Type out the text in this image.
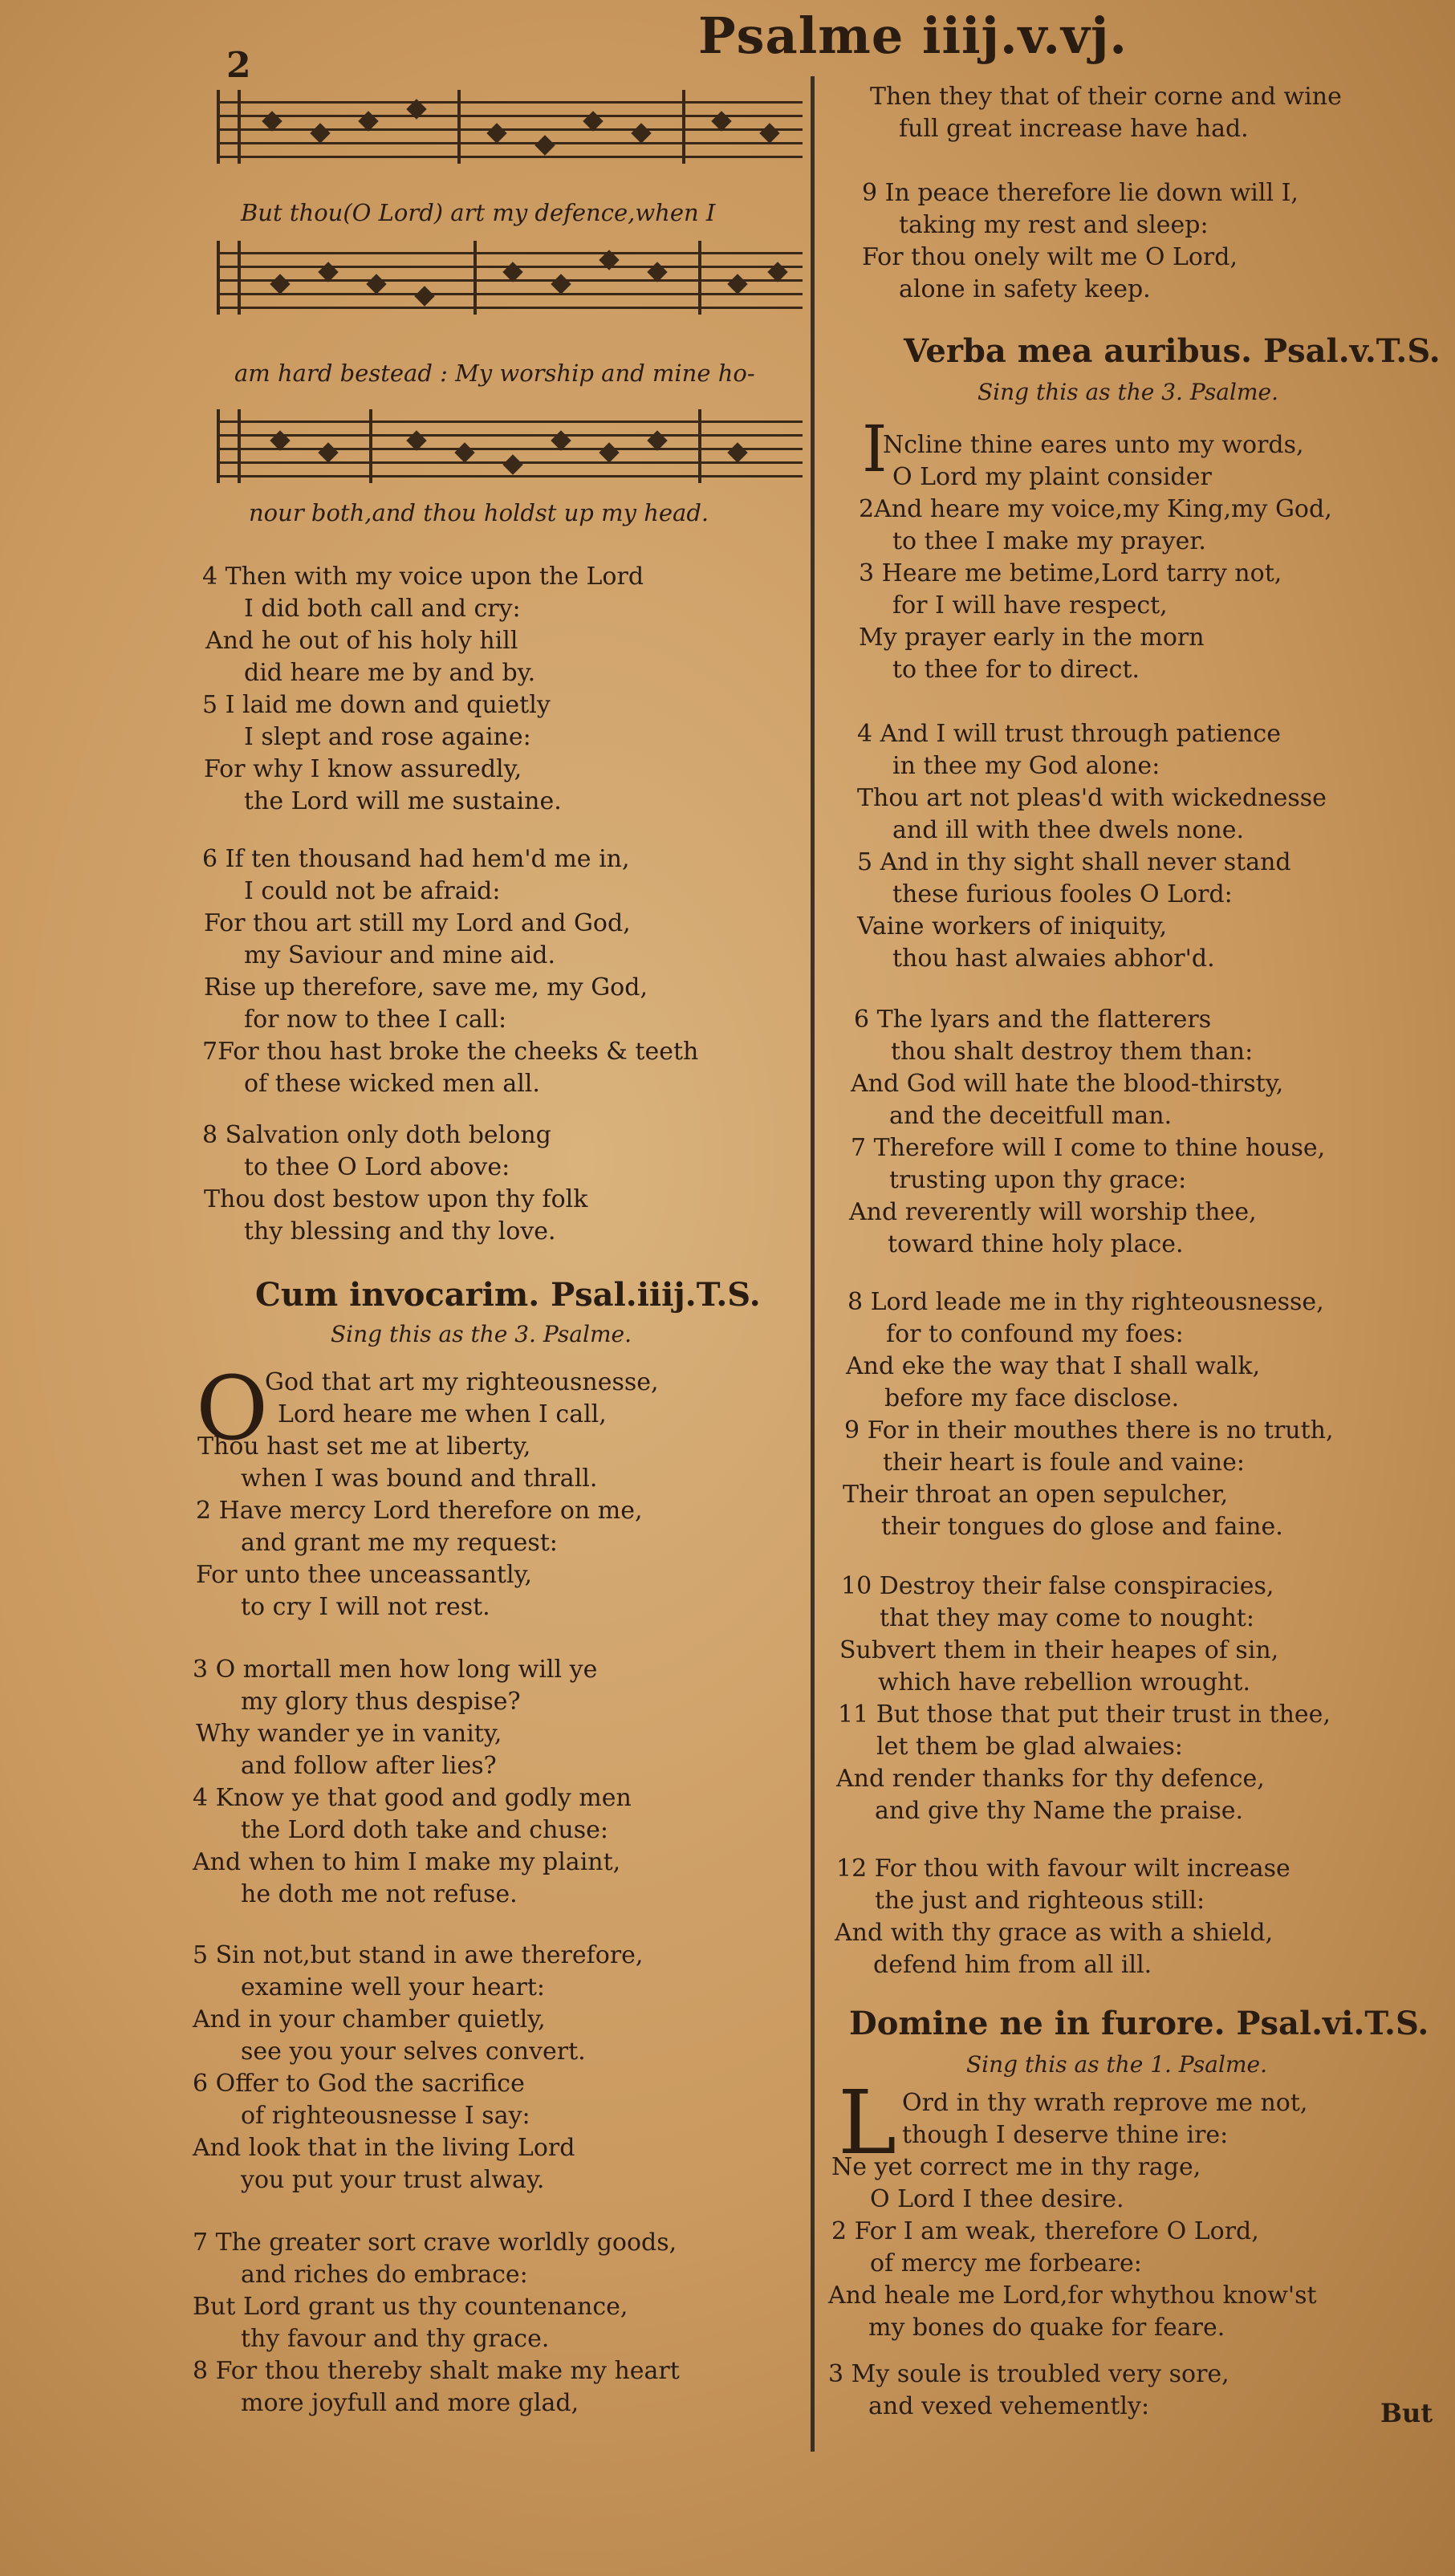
2
Psalme iiij.v.vj.
But thou(O Lord) art my defence,when I
am hard bestead : My worship and mine ho-
nour both,and thou holdst up my head.
4 Then with my voice upon the Lord
I did both call and cry:
And he out of his holy hill
did heare me by and by.
5 I laid me down and quietly
I slept and rose againe:
For why I know assuredly,
the Lord will me sustaine.
6 If ten thousand had hem'd me in,
I could not be afraid:
For thou art still my Lord and God,
my Saviour and mine aid.
Rise up therefore, save me, my God,
for now to thee I call:
7For thou hast broke the cheeks & teeth
of these wicked men all.
8 Salvation only doth belong
to thee O Lord above:
Thou dost bestow upon thy folk
thy blessing and thy love.
Cum invocarim. Psal.iiij.T.S.
Sing this as the 3. Psalme.
O
God that art my righteousnesse,
Lord heare me when I call,
Thou hast set me at liberty,
when I was bound and thrall.
2 Have mercy Lord therefore on me,
and grant me my request:
For unto thee unceassantly,
to cry I will not rest.
3 O mortall men how long will ye
my glory thus despise?
Why wander ye in vanity,
and follow after lies?
4 Know ye that good and godly men
the Lord doth take and chuse:
And when to him I make my plaint,
he doth me not refuse.
5 Sin not,but stand in awe therefore,
examine well your heart:
And in your chamber quietly,
see you your selves convert.
6 Offer to God the sacrifice
of righteousnesse I say:
And look that in the living Lord
you put your trust alway.
7 The greater sort crave worldly goods,
and riches do embrace:
But Lord grant us thy countenance,
thy favour and thy grace.
8 For thou thereby shalt make my heart
more joyfull and more glad,
Then they that of their corne and wine
full great increase have had.
9 In peace therefore lie down will I,
taking my rest and sleep:
For thou onely wilt me O Lord,
alone in safety keep.
Verba mea auribus. Psal.v.T.S.
Sing this as the 3. Psalme.
I
Ncline thine eares unto my words,
O Lord my plaint consider
2And heare my voice,my King,my God,
to thee I make my prayer.
3 Heare me betime,Lord tarry not,
for I will have respect,
My prayer early in the morn
to thee for to direct.
4 And I will trust through patience
in thee my God alone:
Thou art not pleas'd with wickednesse
and ill with thee dwels none.
5 And in thy sight shall never stand
these furious fooles O Lord:
Vaine workers of iniquity,
thou hast alwaies abhor'd.
6 The lyars and the flatterers
thou shalt destroy them than:
And God will hate the blood-thirsty,
and the deceitfull man.
7 Therefore will I come to thine house,
trusting upon thy grace:
And reverently will worship thee,
toward thine holy place.
8 Lord leade me in thy righteousnesse,
for to confound my foes:
And eke the way that I shall walk,
before my face disclose.
9 For in their mouthes there is no truth,
their heart is foule and vaine:
Their throat an open sepulcher,
their tongues do glose and faine.
10 Destroy their false conspiracies,
that they may come to nought:
Subvert them in their heapes of sin,
which have rebellion wrought.
11 But those that put their trust in thee,
let them be glad alwaies:
And render thanks for thy defence,
and give thy Name the praise.
12 For thou with favour wilt increase
the just and righteous still:
And with thy grace as with a shield,
defend him from all ill.
Domine ne in furore. Psal.vi.T.S.
Sing this as the 1. Psalme.
L Ord in thy wrath reprove me not,
though I deserve thine ire:
Ne yet correct me in thy rage,
O Lord I thee desire.
2 For I am weak, therefore O Lord,
of mercy me forbeare:
And heale me Lord,for whythou know'st
my bones do quake for feare.
3 My soule is troubled very sore,
and vexed vehemently:	But
